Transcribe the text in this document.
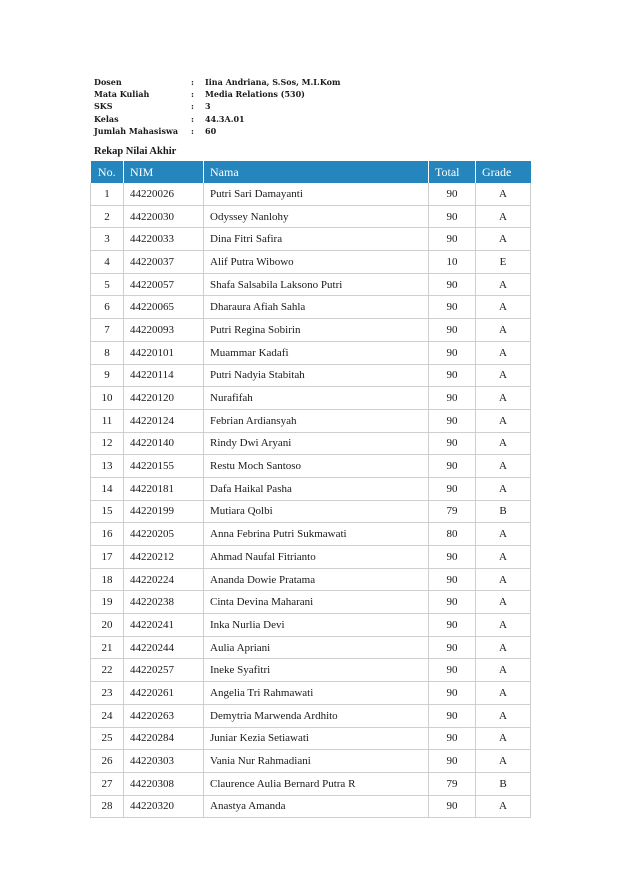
Dosen	:	Iina Andriana, S.Sos, M.I.Kom
Mata Kuliah	:	Media Relations (530)
SKS	:	3
Kelas	:	44.3A.01
Jumlah Mahasiswa	:	60
Rekap Nilai Akhir
No.	NIM	Nama	Total	Grade
1	44220026	Putri Sari Damayanti	90	A
2	44220030	Odyssey Nanlohy	90	A
3	44220033	Dina Fitri Safira	90	A
4	44220037	Alif Putra Wibowo	10	E
5	44220057	Shafa Salsabila Laksono Putri	90	A
6	44220065	Dharaura Afiah Sahla	90	A
7	44220093	Putri Regina Sobirin	90	A
8	44220101	Muammar Kadafi	90	A
9	44220114	Putri Nadyia Stabitah	90	A
10	44220120	Nurafifah	90	A
11	44220124	Febrian Ardiansyah	90	A
12	44220140	Rindy Dwi Aryani	90	A
13	44220155	Restu Moch Santoso	90	A
14	44220181	Dafa Haikal Pasha	90	A
15	44220199	Mutiara Qolbi	79	B
16	44220205	Anna Febrina Putri Sukmawati	80	A
17	44220212	Ahmad Naufal Fitrianto	90	A
18	44220224	Ananda Dowie Pratama	90	A
19	44220238	Cinta Devina Maharani	90	A
20	44220241	Inka Nurlia Devi	90	A
21	44220244	Aulia Apriani	90	A
22	44220257	Ineke Syafitri	90	A
23	44220261	Angelia Tri Rahmawati	90	A
24	44220263	Demytria Marwenda Ardhito	90	A
25	44220284	Juniar Kezia Setiawati	90	A
26	44220303	Vania Nur Rahmadiani	90	A
27	44220308	Claurence Aulia Bernard Putra R	79	B
28	44220320	Anastya Amanda	90	A
